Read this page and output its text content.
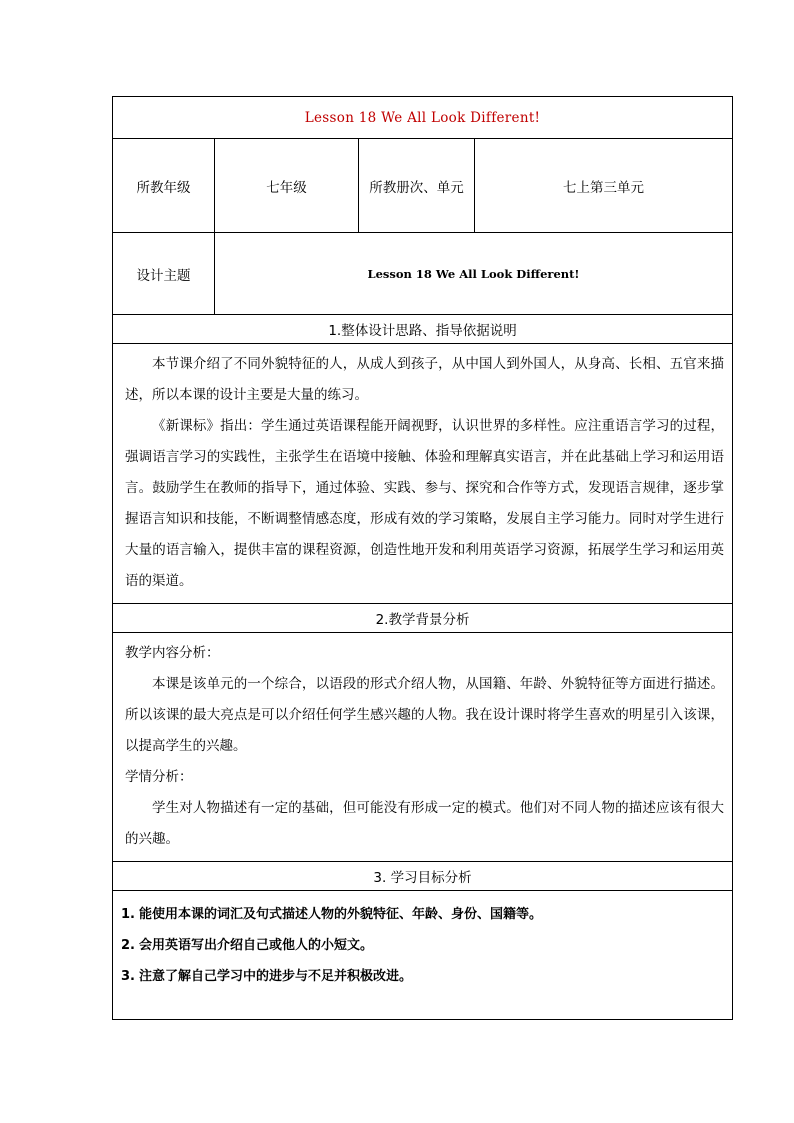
Lesson 18 We All Look Different!			
所教年级	七年级	所教册次、单元	七上第三单元
设计主题	Lesson 18 We All Look Different!		
1.整体设计思路、指导依据说明			

本节课介绍了不同外貌特征的人，从成人到孩子，从中国人到外国人，从身高、长相、五官来描述，所以本课的设计主要是大量的练习。

《新课标》指出：学生通过英语课程能开阔视野，认识世界的多样性。应注重语言学习的过程，强调语言学习的实践性，主张学生在语境中接触、体验和理解真实语言，并在此基础上学习和运用语言。鼓励学生在教师的指导下，通过体验、实践、参与、探究和合作等方式，发现语言规律，逐步掌握语言知识和技能，不断调整情感态度，形成有效的学习策略，发展自主学习能力。同时对学生进行大量的语言输入，提供丰富的课程资源，创造性地开发和利用英语学习资源，拓展学生学习和运用英语的渠道。			

2.教学背景分析			

教学内容分析：

本课是该单元的一个综合，以语段的形式介绍人物，从国籍、年龄、外貌特征等方面进行描述。所以该课的最大亮点是可以介绍任何学生感兴趣的人物。我在设计课时将学生喜欢的明星引入该课，以提高学生的兴趣。

学情分析：

学生对人物描述有一定的基础，但可能没有形成一定的模式。他们对不同人物的描述应该有很大的兴趣。			

3. 学习目标分析			

1. 能使用本课的词汇及句式描述人物的外貌特征、年龄、身份、国籍等。
2. 会用英语写出介绍自己或他人的小短文。
3. 注意了解自己学习中的进步与不足并积极改进。			
